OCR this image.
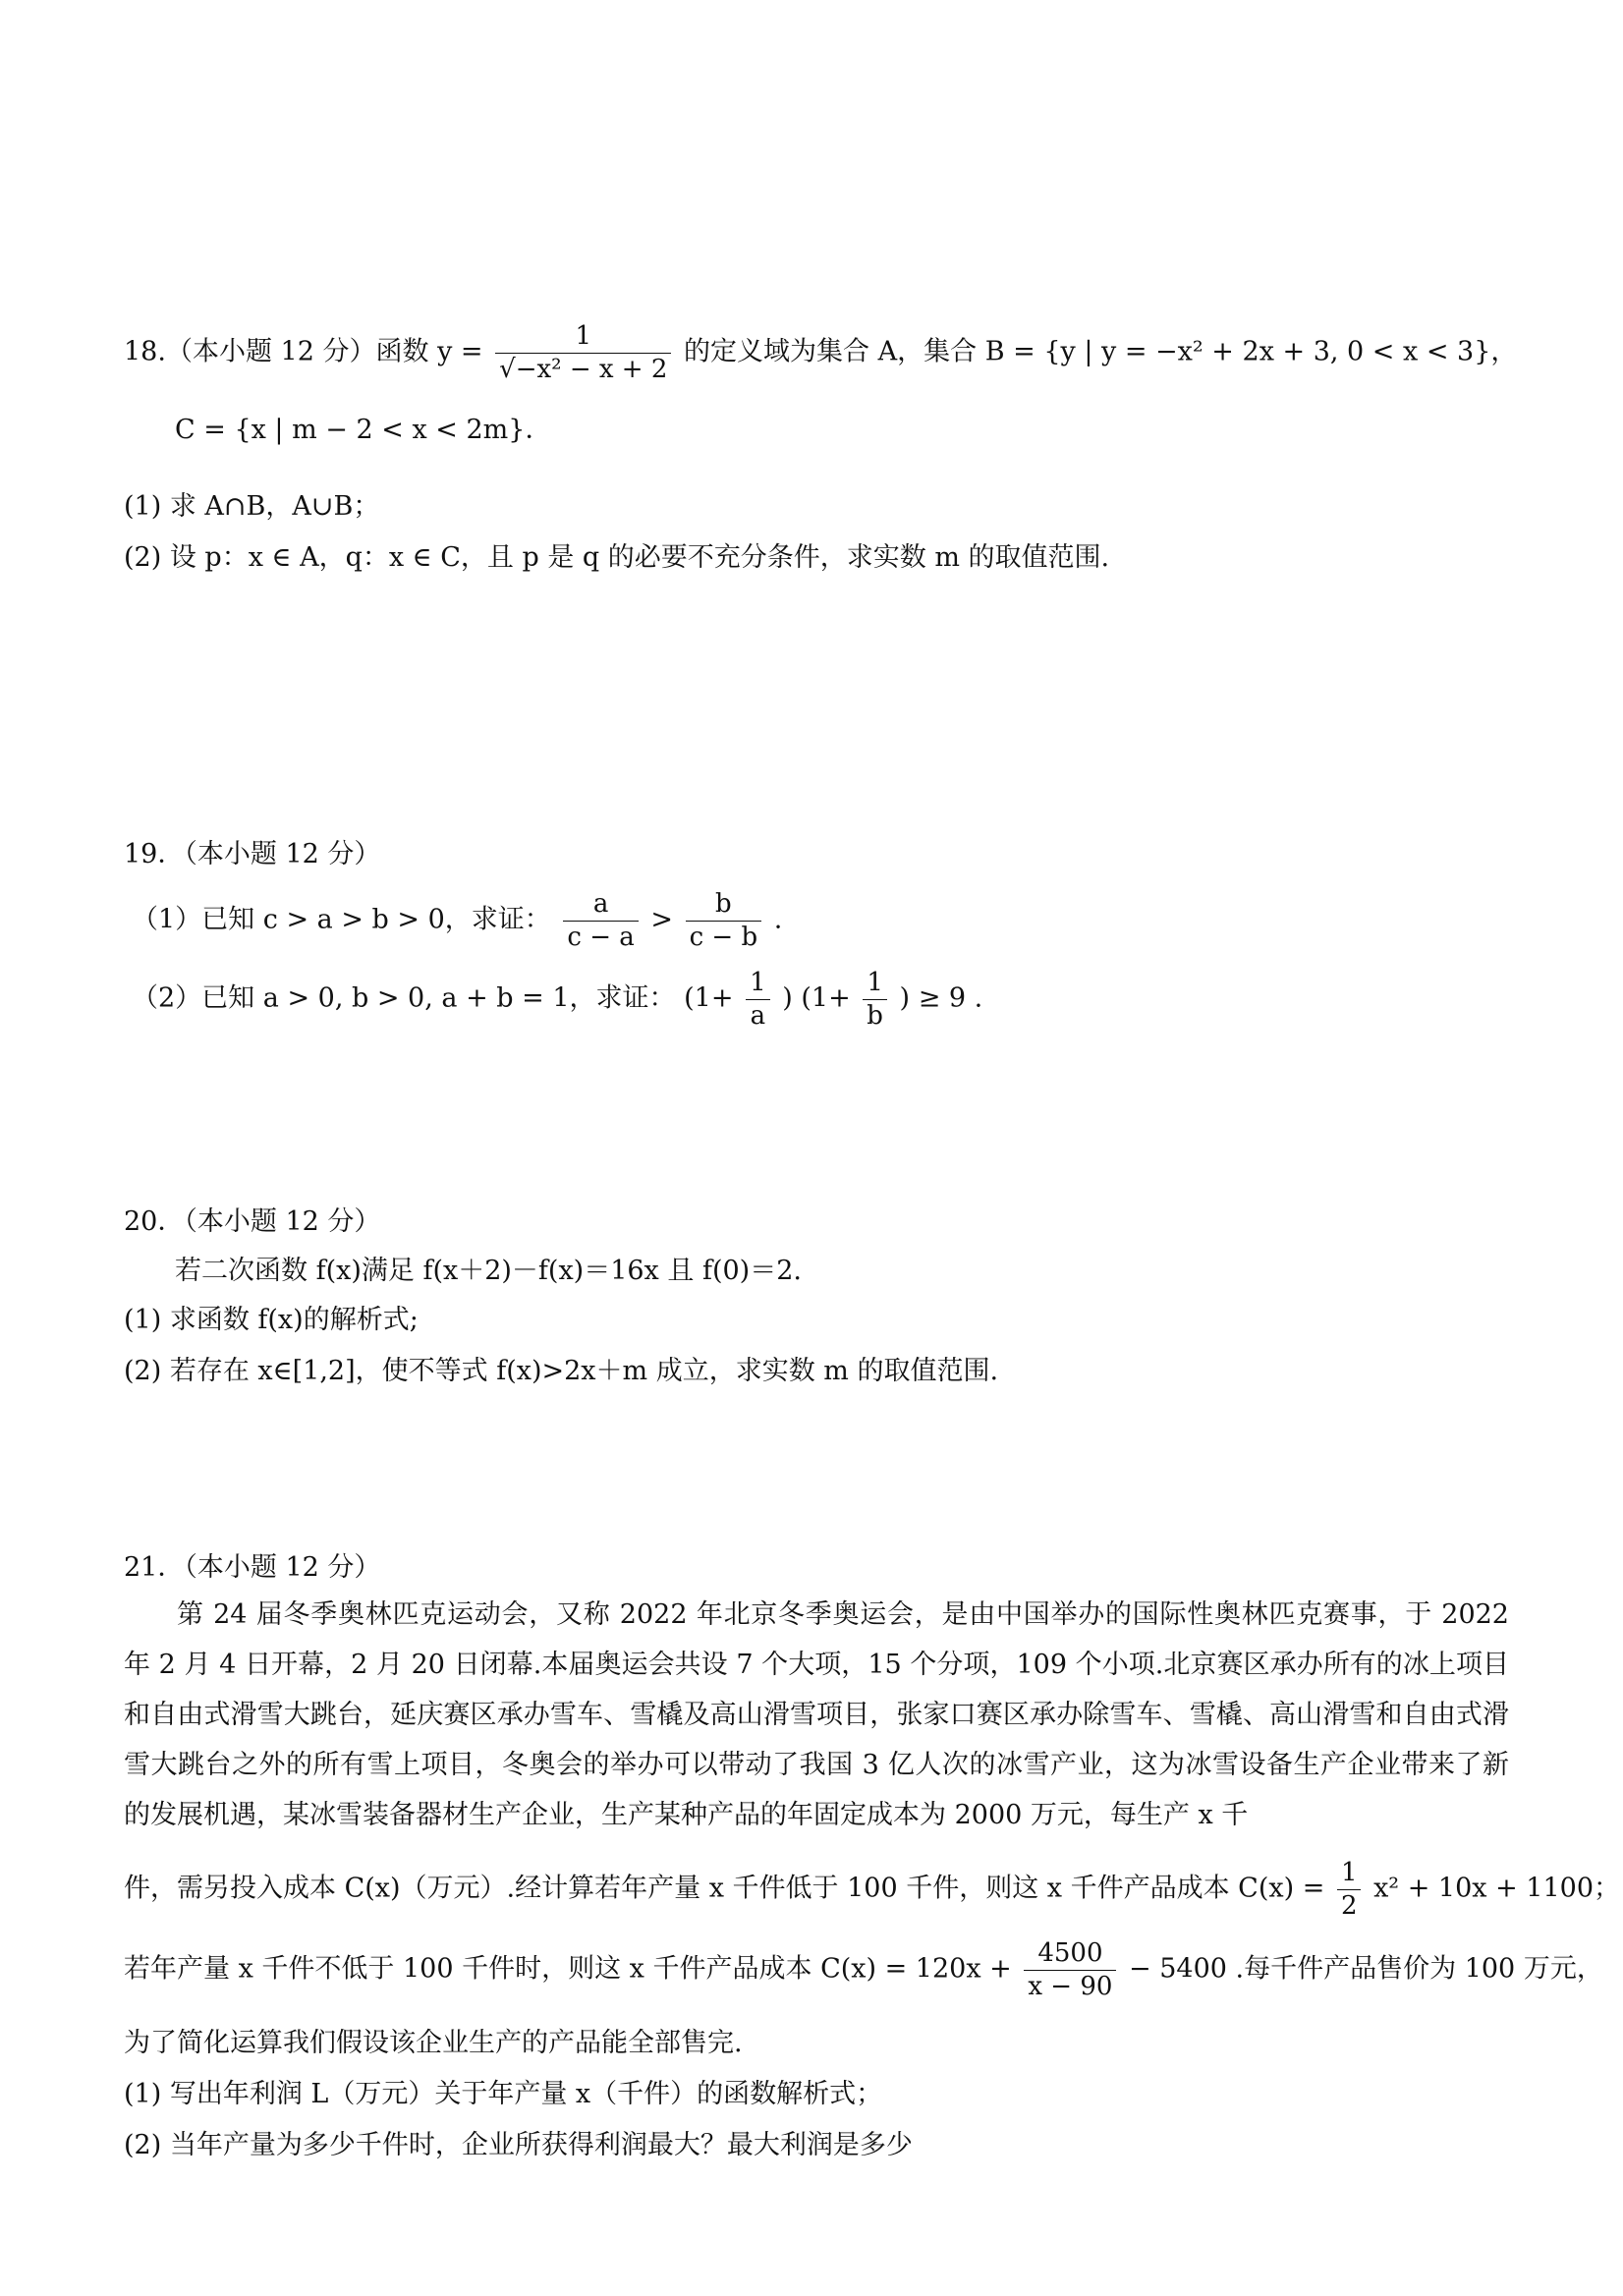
18.（本小题 12 分）函数 $y = \frac{1}{\text{√−x² − x + 2}}$ 的定义域为集合 A，集合 B = {y | y = −x² + 2x + 3, 0 < x < 3}，
C = {x | m − 2 < x < 2m}．
(1) 求 A∩B，A∪B；
(2) 设 p：x ∈ A，q：x ∈ C，且 p 是 q 的必要不充分条件，求实数 m 的取值范围.
19．（本小题 12 分）
（1）已知 c > a > b > 0，求证： $\frac{a}{c - a} > \frac{b}{c - b}$ .
（2）已知 a > 0, b > 0, a + b = 1，求证： ($1+ \frac{1}{a}$ ) ($1+ \frac{1}{b}$ ) ≥ 9 .
20．（本小题 12 分）
若二次函数 f(x)满足 f(x＋2)－f(x)＝16x 且 f(0)＝2.
(1) 求函数 f(x)的解析式;
(2) 若存在 x∈[1,2]，使不等式 f(x)>2x＋m 成立，求实数 m 的取值范围.
21．（本小题 12 分）
第 24 届冬季奥林匹克运动会，又称 2022 年北京冬季奥运会，是由中国举办的国际性奥林匹克赛事，于 2022 年 2 月 4 日开幕，2 月 20 日闭幕.本届奥运会共设 7 个大项，15 个分项，109 个小项.北京赛区承办所有的冰上项目和自由式滑雪大跳台，延庆赛区承办雪车、雪橇及高山滑雪项目，张家口赛区承办除雪车、雪橇、高山滑雪和自由式滑雪大跳台之外的所有雪上项目，冬奥会的举办可以带动了我国 3 亿人次的冰雪产业，这为冰雪设备生产企业带来了新的发展机遇，某冰雪装备器材生产企业，生产某种产品的年固定成本为 2000 万元，每生产 x 千
件，需另投入成本 C(x)（万元）.经计算若年产量 x 千件低于 100 千件，则这 x 千件产品成本 $C(x) = \frac{1}{2} x^2 + 10x + 1100$；
若年产量 x 千件不低于 100 千件时，则这 x 千件产品成本 $C(x) = 120x + \frac{4500}{x - 90} - 5400$ .每千件产品售价为 100 万元，
为了简化运算我们假设该企业生产的产品能全部售完.
(1) 写出年利润 L（万元）关于年产量 x（千件）的函数解析式；
(2) 当年产量为多少千件时，企业所获得利润最大？最大利润是多少
